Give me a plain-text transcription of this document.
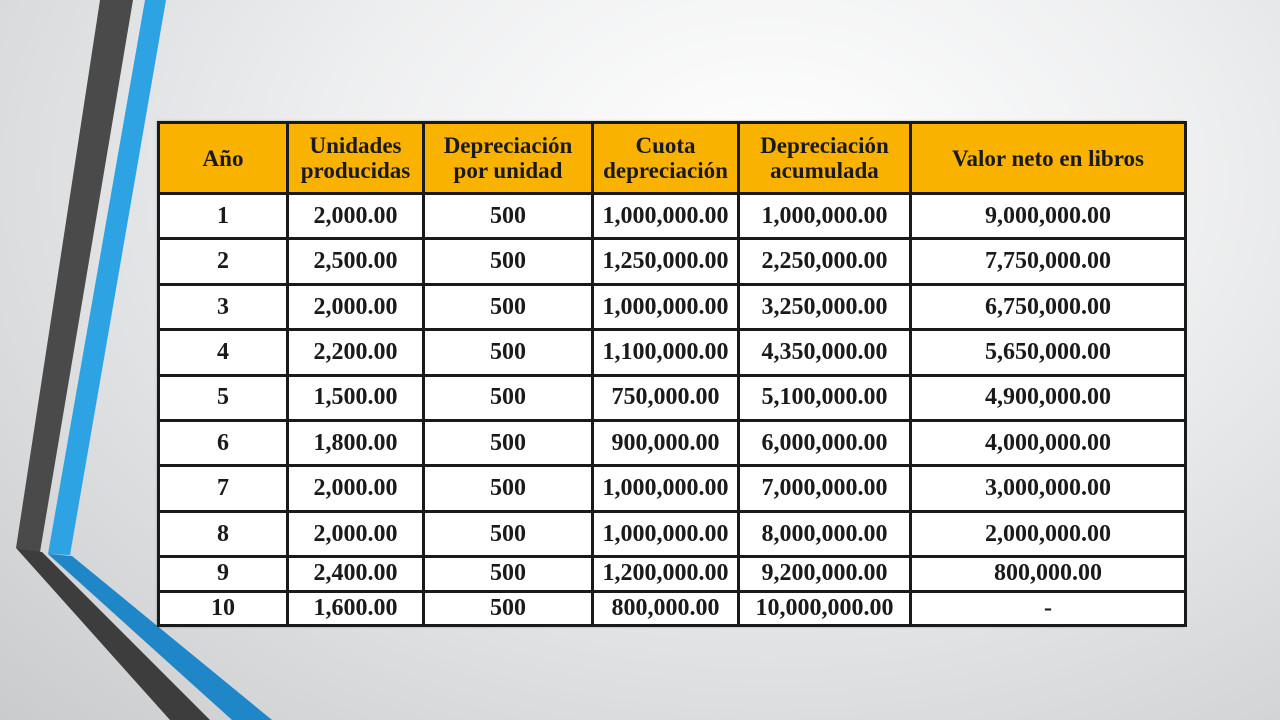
Año	Unidades producidas	Depreciación por unidad	Cuota depreciación	Depreciación acumulada	Valor neto en libros
1	2,000.00	500	1,000,000.00	1,000,000.00	9,000,000.00
2	2,500.00	500	1,250,000.00	2,250,000.00	7,750,000.00
3	2,000.00	500	1,000,000.00	3,250,000.00	6,750,000.00
4	2,200.00	500	1,100,000.00	4,350,000.00	5,650,000.00
5	1,500.00	500	750,000.00	5,100,000.00	4,900,000.00
6	1,800.00	500	900,000.00	6,000,000.00	4,000,000.00
7	2,000.00	500	1,000,000.00	7,000,000.00	3,000,000.00
8	2,000.00	500	1,000,000.00	8,000,000.00	2,000,000.00
9	2,400.00	500	1,200,000.00	9,200,000.00	800,000.00
10	1,600.00	500	800,000.00	10,000,000.00	-
